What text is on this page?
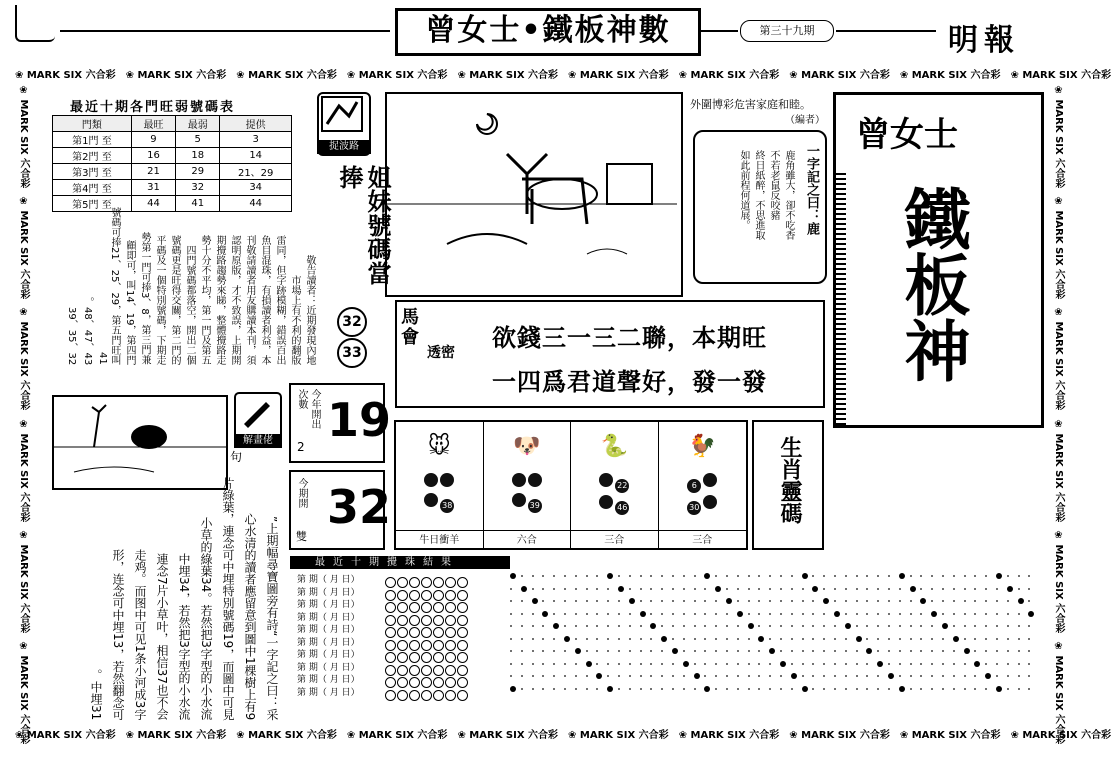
曾女士•鐵板神數	第三十九期	明報
❀ MARK SIX 六合彩 ❀ MARK SIX 六合彩 ❀ MARK SIX 六合彩 ❀ MARK SIX 六合彩 ❀ MARK SIX 六合彩 ❀ MARK SIX 六合彩 ❀ MARK SIX 六合彩 ❀ MARK SIX 六合彩 ❀ MARK SIX 六合彩 ❀ MARK SIX 六合彩
❀ MARK SIX 六合彩 ❀ MARK SIX 六合彩 ❀ MARK SIX 六合彩 ❀ MARK SIX 六合彩 ❀ MARK SIX 六合彩 ❀ MARK SIX 六合彩 ❀ MARK SIX 六合彩 ❀ MARK SIX 六合彩 ❀ MARK SIX 六合彩 ❀ MARK SIX 六合彩
❀ MARK SIX 六合彩❀ MARK SIX 六合彩❀ MARK SIX 六合彩❀ MARK SIX 六合彩❀ MARK SIX 六合彩❀ MARK SIX 六合彩
❀ MARK SIX 六合彩❀ MARK SIX 六合彩❀ MARK SIX 六合彩❀ MARK SIX 六合彩❀ MARK SIX 六合彩❀ MARK SIX 六合彩
最近十期各門旺弱號碼表
門類	最旺	最弱	提供
第1門 至	9	5	3
第2門 至	16	18	14
第3門 至	21	29	21、29
第4門 至	31	32	34
第5門 至	44	41	44
敬告讀者：近期發現內地
市場上有不利的翻版
雷同，但字跡模糊，錯誤百出
魚目混珠，有損讀者利益，本
刊敬請讀者用友購讀本刊，須
認明原版，才不致誤，上期開
期攪路趨勢來睇，整體攪路走
勢十分不平均，第一門及第五
四門號碼都落空，開出二個
號碼更是旺得交關，第二門的
平碼及一個特別號碼，下期走
勢第一門可捧3、8，第三門兼
顧即可，叫14、19，第四門
號碼可捧21、25、29，第五門旺叫41
43、47、48。
32、35、39
捉波路
姐妹號碼當捧
32
33
外圍博彩危害家庭和睦。
（編者）
一字記之曰：鹿
鹿角雖大，卻不吃香
不若老鼠反咬豬
終日紙醉，不思進取
如此前程何道展。
曾女士
鐵板神
馬會
透密
欲錢三一三二聯，本期旺
一四爲君道聲好，發一發
今年開出次數
2 19
今期開
雙
32
🐭

38
牛日衝羊
🐶

39
六合
🐍
22
46
三合
🐓
6
30
三合
生肖靈碼
解畫佬
上期幅尋寶圖旁有詩“一字記之曰：采”
心水清的讀者應留意到圖中1棵樹上有9
片綠葉，連念可中埋特別號碼19，而圖中可見
小草的綠葉34。若然把3字型的小水流
中埋34，若然把3字型的小水流
連念7片小草叶，相信37也不会
走鸡。而图中可见1条小河成3字
形，连念可中埋13，若然翻念可
中埋31。
句
最近十期攪珠結果
第 期（ 月 日）
第 期（ 月 日）
第 期（ 月 日）
第 期（ 月 日）
第 期（ 月 日）
第 期（ 月 日）
第 期（ 月 日）
第 期（ 月 日）
第 期（ 月 日）
第 期（ 月 日）
